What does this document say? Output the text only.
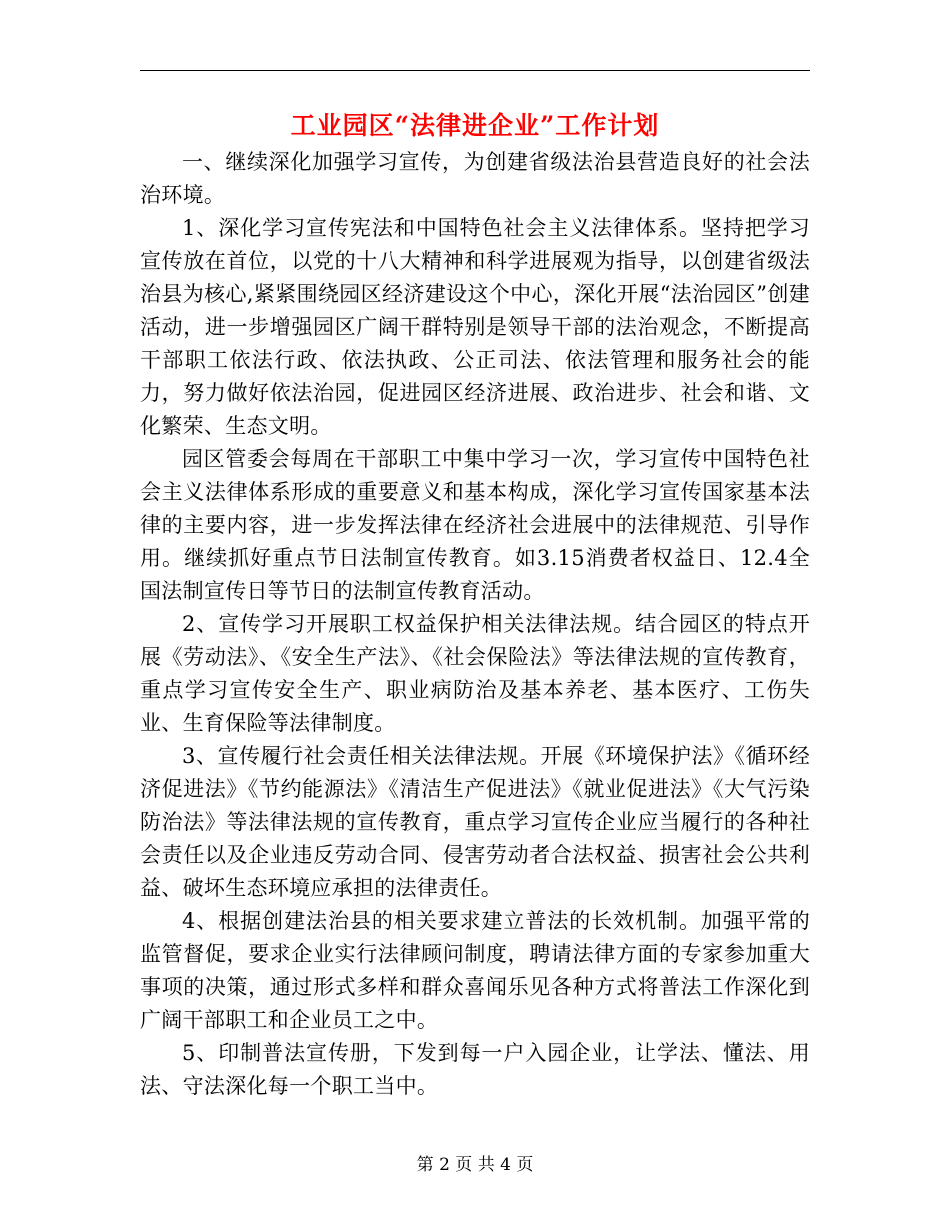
工业园区“法律进企业”工作计划

一、继续深化加强学习宣传，为创建省级法治县营造良好的社会法治环境。

1、深化学习宣传宪法和中国特色社会主义法律体系。坚持把学习宣传放在首位，以党的十八大精神和科学进展观为指导，以创建省级法治县为核心,紧紧围绕园区经济建设这个中心，深化开展“法治园区”创建活动，进一步增强园区广阔干群特别是领导干部的法治观念，不断提高干部职工依法行政、依法执政、公正司法、依法管理和服务社会的能力，努力做好依法治园，促进园区经济进展、政治进步、社会和谐、文化繁荣、生态文明。

园区管委会每周在干部职工中集中学习一次，学习宣传中国特色社会主义法律体系形成的重要意义和基本构成，深化学习宣传国家基本法律的主要内容，进一步发挥法律在经济社会进展中的法律规范、引导作用。继续抓好重点节日法制宣传教育。如3.15消费者权益日、12.4全国法制宣传日等节日的法制宣传教育活动。

2、宣传学习开展职工权益保护相关法律法规。结合园区的特点开展《劳动法》、《安全生产法》、《社会保险法》等法律法规的宣传教育，重点学习宣传安全生产、职业病防治及基本养老、基本医疗、工伤失业、生育保险等法律制度。

3、宣传履行社会责任相关法律法规。开展《环境保护法》《循环经济促进法》《节约能源法》《清洁生产促进法》《就业促进法》《大气污染防治法》等法律法规的宣传教育，重点学习宣传企业应当履行的各种社会责任以及企业违反劳动合同、侵害劳动者合法权益、损害社会公共利益、破坏生态环境应承担的法律责任。

4、根据创建法治县的相关要求建立普法的长效机制。加强平常的监管督促，要求企业实行法律顾问制度，聘请法律方面的专家参加重大事项的决策，通过形式多样和群众喜闻乐见各种方式将普法工作深化到广阔干部职工和企业员工之中。

5、印制普法宣传册，下发到每一户入园企业，让学法、懂法、用法、守法深化每一个职工当中。

第 2 页 共 4 页
